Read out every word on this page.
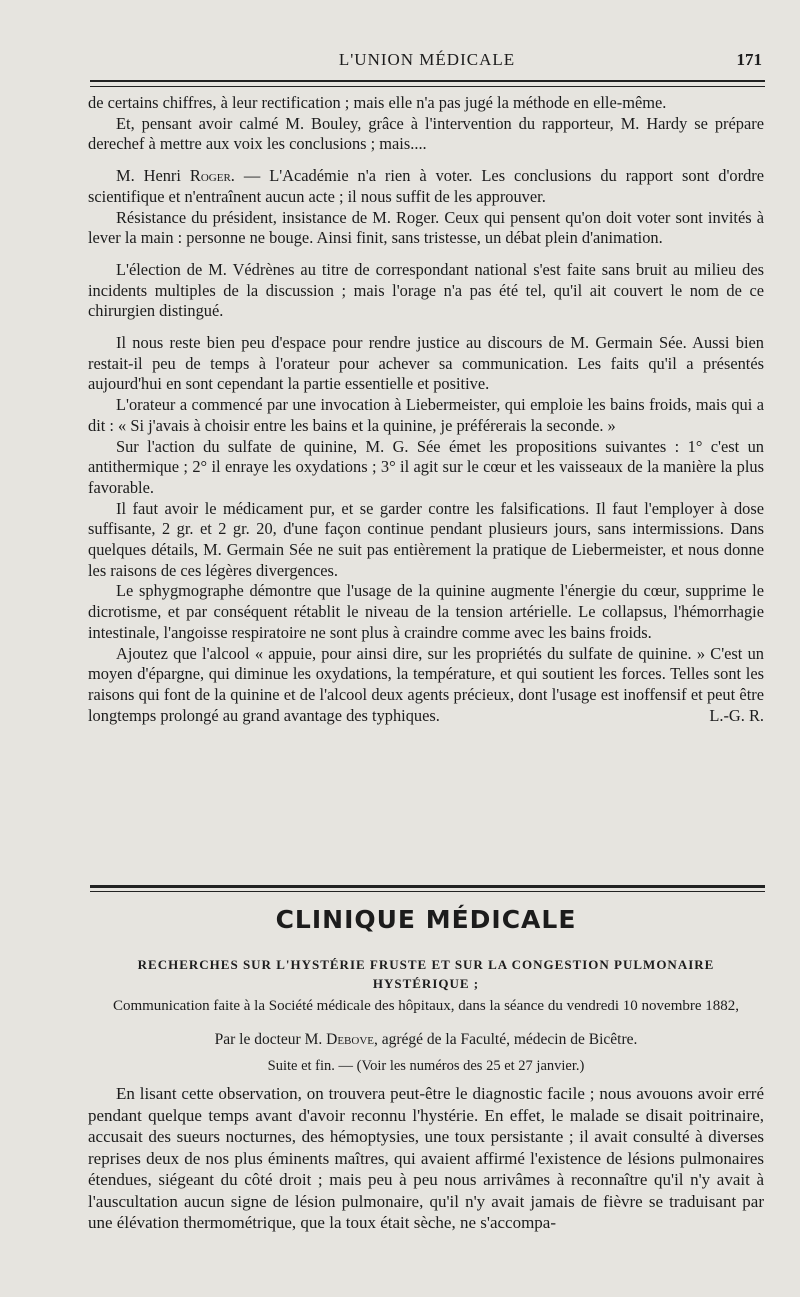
L'UNION MÉDICALE	171

de certains chiffres, à leur rectification ; mais elle n'a pas jugé la méthode en elle-même.

Et, pensant avoir calmé M. Bouley, grâce à l'intervention du rapporteur, M. Hardy se prépare derechef à mettre aux voix les conclusions ; mais....

M. Henri Roger. — L'Académie n'a rien à voter. Les conclusions du rapport sont d'ordre scientifique et n'entraînent aucun acte ; il nous suffit de les approuver.

Résistance du président, insistance de M. Roger. Ceux qui pensent qu'on doit voter sont invités à lever la main : personne ne bouge. Ainsi finit, sans tristesse, un débat plein d'animation.

L'élection de M. Védrènes au titre de correspondant national s'est faite sans bruit au milieu des incidents multiples de la discussion ; mais l'orage n'a pas été tel, qu'il ait couvert le nom de ce chirurgien distingué.

Il nous reste bien peu d'espace pour rendre justice au discours de M. Germain Sée. Aussi bien restait-il peu de temps à l'orateur pour achever sa communication. Les faits qu'il a présentés aujourd'hui en sont cependant la partie essentielle et positive.

L'orateur a commencé par une invocation à Liebermeister, qui emploie les bains froids, mais qui a dit : « Si j'avais à choisir entre les bains et la quinine, je préférerais la seconde. »

Sur l'action du sulfate de quinine, M. G. Sée émet les propositions suivantes : 1° c'est un antithermique ; 2° il enraye les oxydations ; 3° il agit sur le cœur et les vaisseaux de la manière la plus favorable.

Il faut avoir le médicament pur, et se garder contre les falsifications. Il faut l'employer à dose suffisante, 2 gr. et 2 gr. 20, d'une façon continue pendant plusieurs jours, sans intermissions. Dans quelques détails, M. Germain Sée ne suit pas entièrement la pratique de Liebermeister, et nous donne les raisons de ces légères divergences.

Le sphygmographe démontre que l'usage de la quinine augmente l'énergie du cœur, supprime le dicrotisme, et par conséquent rétablit le niveau de la tension artérielle. Le collapsus, l'hémorrhagie intestinale, l'angoisse respiratoire ne sont plus à craindre comme avec les bains froids.

Ajoutez que l'alcool « appuie, pour ainsi dire, sur les propriétés du sulfate de quinine. » C'est un moyen d'épargne, qui diminue les oxydations, la température, et qui soutient les forces. Telles sont les raisons qui font de la quinine et de l'alcool deux agents précieux, dont l'usage est inoffensif et peut être longtemps prolongé au grand avantage des typhiques.	L.-G. R.

CLINIQUE MÉDICALE
RECHERCHES SUR L'HYSTÉRIE FRUSTE ET SUR LA CONGESTION PULMONAIRE HYSTÉRIQUE ;
Communication faite à la Société médicale des hôpitaux, dans la séance du vendredi 10 novembre 1882,
Par le docteur M. Debove, agrégé de la Faculté, médecin de Bicêtre.
Suite et fin. — (Voir les numéros des 25 et 27 janvier.)

En lisant cette observation, on trouvera peut-être le diagnostic facile ; nous avouons avoir erré pendant quelque temps avant d'avoir reconnu l'hystérie. En effet, le malade se disait poitrinaire, accusait des sueurs nocturnes, des hémoptysies, une toux persistante ; il avait consulté à diverses reprises deux de nos plus éminents maîtres, qui avaient affirmé l'existence de lésions pulmonaires étendues, siégeant du côté droit ; mais peu à peu nous arrivâmes à reconnaître qu'il n'y avait à l'auscultation aucun signe de lésion pulmonaire, qu'il n'y avait jamais de fièvre se traduisant par une élévation thermométrique, que la toux était sèche, ne s'accompa-
